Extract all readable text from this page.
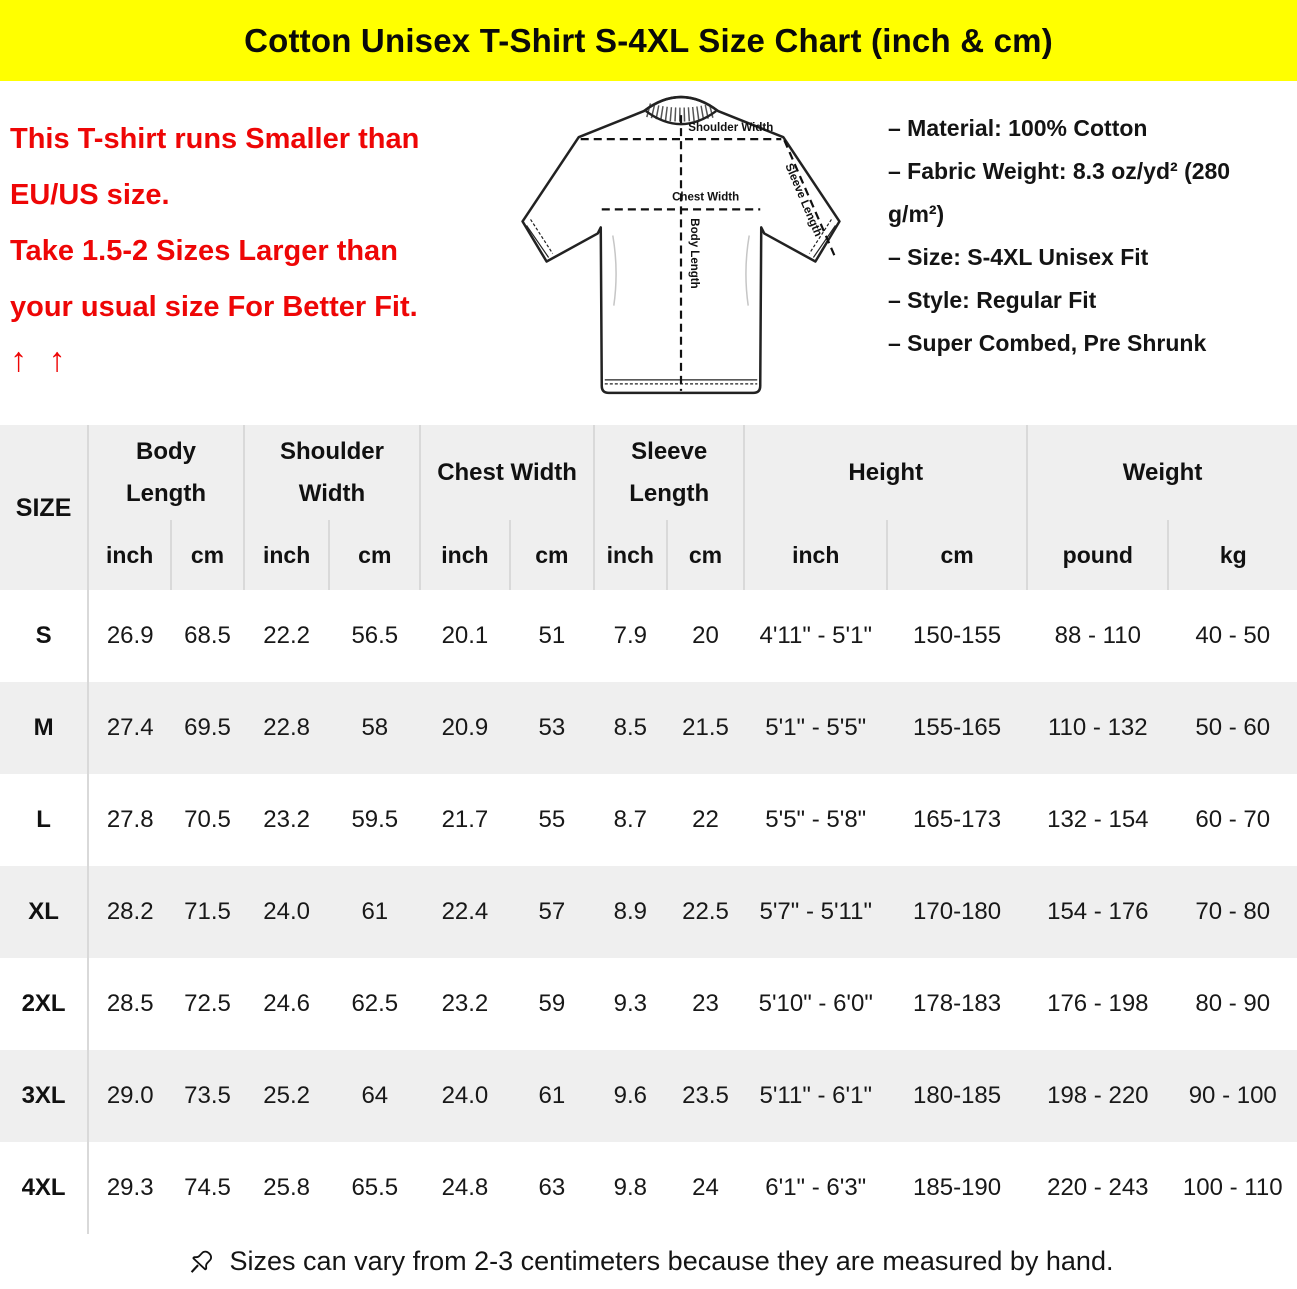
Cotton Unisex T-Shirt S-4XL Size Chart (inch & cm)
This T-shirt runs Smaller than
EU/US size.
Take 1.5-2 Sizes Larger than
your usual size For Better Fit.
↑ ↑
Shoulder Width
Chest Width
Body Length
Sleeve Length
– Material: 100% Cotton
– Fabric Weight: 8.3 oz/yd² (280 g/m²)
– Size: S-4XL Unisex Fit
– Style: Regular Fit
– Super Combed, Pre Shrunk
SIZE	Body Length		Shoulder Width		Chest Width		Sleeve Length		Height		Weight	
	inch	cm	inch	cm	inch	cm	inch	cm	inch	cm	pound	kg
S	26.9	68.5	22.2	56.5	20.1	51	7.9	20	4'11" - 5'1"	150-155	88 - 110	40 - 50
M	27.4	69.5	22.8	58	20.9	53	8.5	21.5	5'1" - 5'5"	155-165	110 - 132	50 - 60
L	27.8	70.5	23.2	59.5	21.7	55	8.7	22	5'5" - 5'8"	165-173	132 - 154	60 - 70
XL	28.2	71.5	24.0	61	22.4	57	8.9	22.5	5'7" - 5'11"	170-180	154 - 176	70 - 80
2XL	28.5	72.5	24.6	62.5	23.2	59	9.3	23	5'10" - 6'0"	178-183	176 - 198	80 - 90
3XL	29.0	73.5	25.2	64	24.0	61	9.6	23.5	5'11" - 6'1"	180-185	198 - 220	90 - 100
4XL	29.3	74.5	25.8	65.5	24.8	63	9.8	24	6'1" - 6'3"	185-190	220 - 243	100 - 110
Sizes can vary from 2-3 centimeters because they are measured by hand.
